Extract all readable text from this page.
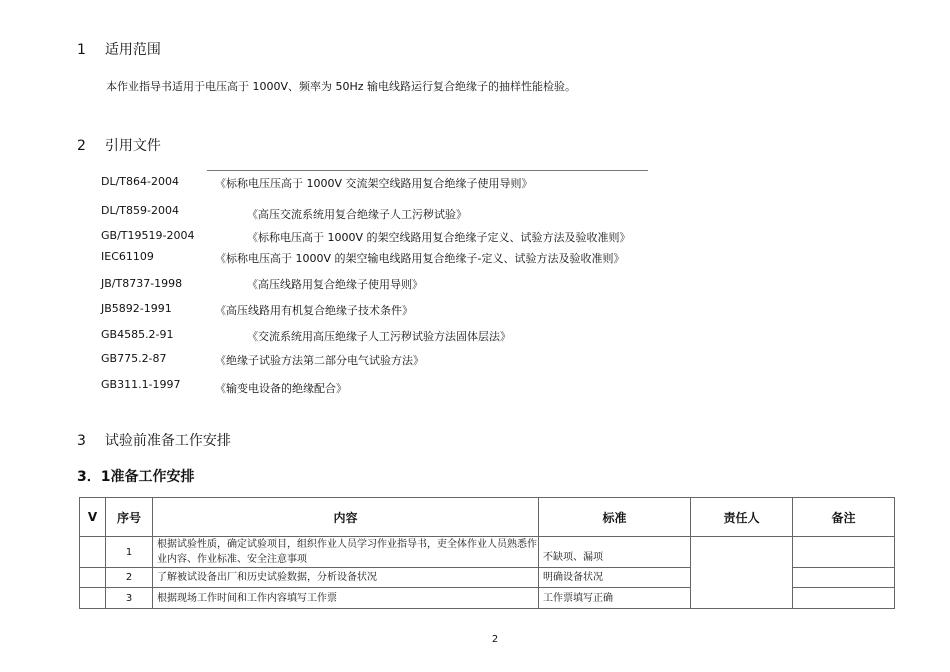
1 适用范围
本作业指导书适用于电压高于 1000V、频率为 50Hz 输电线路运行复合绝缘子的抽样性能检验。
2 引用文件
DL/T864-2004	《标称电压压高于 1000V 交流架空线路用复合绝缘子使用导则》
DL/T859-2004	《高压交流系统用复合绝缘子人工污秽试验》
GB/T19519-2004	《标称电压高于 1000V 的架空线路用复合绝缘子定义、试验方法及验收准则》
IEC61109	《标称电压高于 1000V 的架空输电线路用复合绝缘子-定义、试验方法及验收准则》
JB/T8737-1998	《高压线路用复合绝缘子使用导则》
JB5892-1991	《高压线路用有机复合绝缘子技术条件》
GB4585.2-91	《交流系统用高压绝缘子人工污秽试验方法固体层法》
GB775.2-87	《绝缘子试验方法第二部分电气试验方法》
GB311.1-1997	《输变电设备的绝缘配合》
3 试验前准备工作安排
3．1准备工作安排
V	序号	内容	标准	责任人	备注
	1	根据试验性质，确定试验项目，组织作业人员学习作业指导书，吏全体作业人员熟悉作业内容、作业标准、安全注意事项	不缺项、漏项		
	2	了解被试设备出厂和历史试验数据，分析设备状况	明确设备状况		
	3	根据现场工作时间和工作内容填写工作票	工作票填写正确		
2
